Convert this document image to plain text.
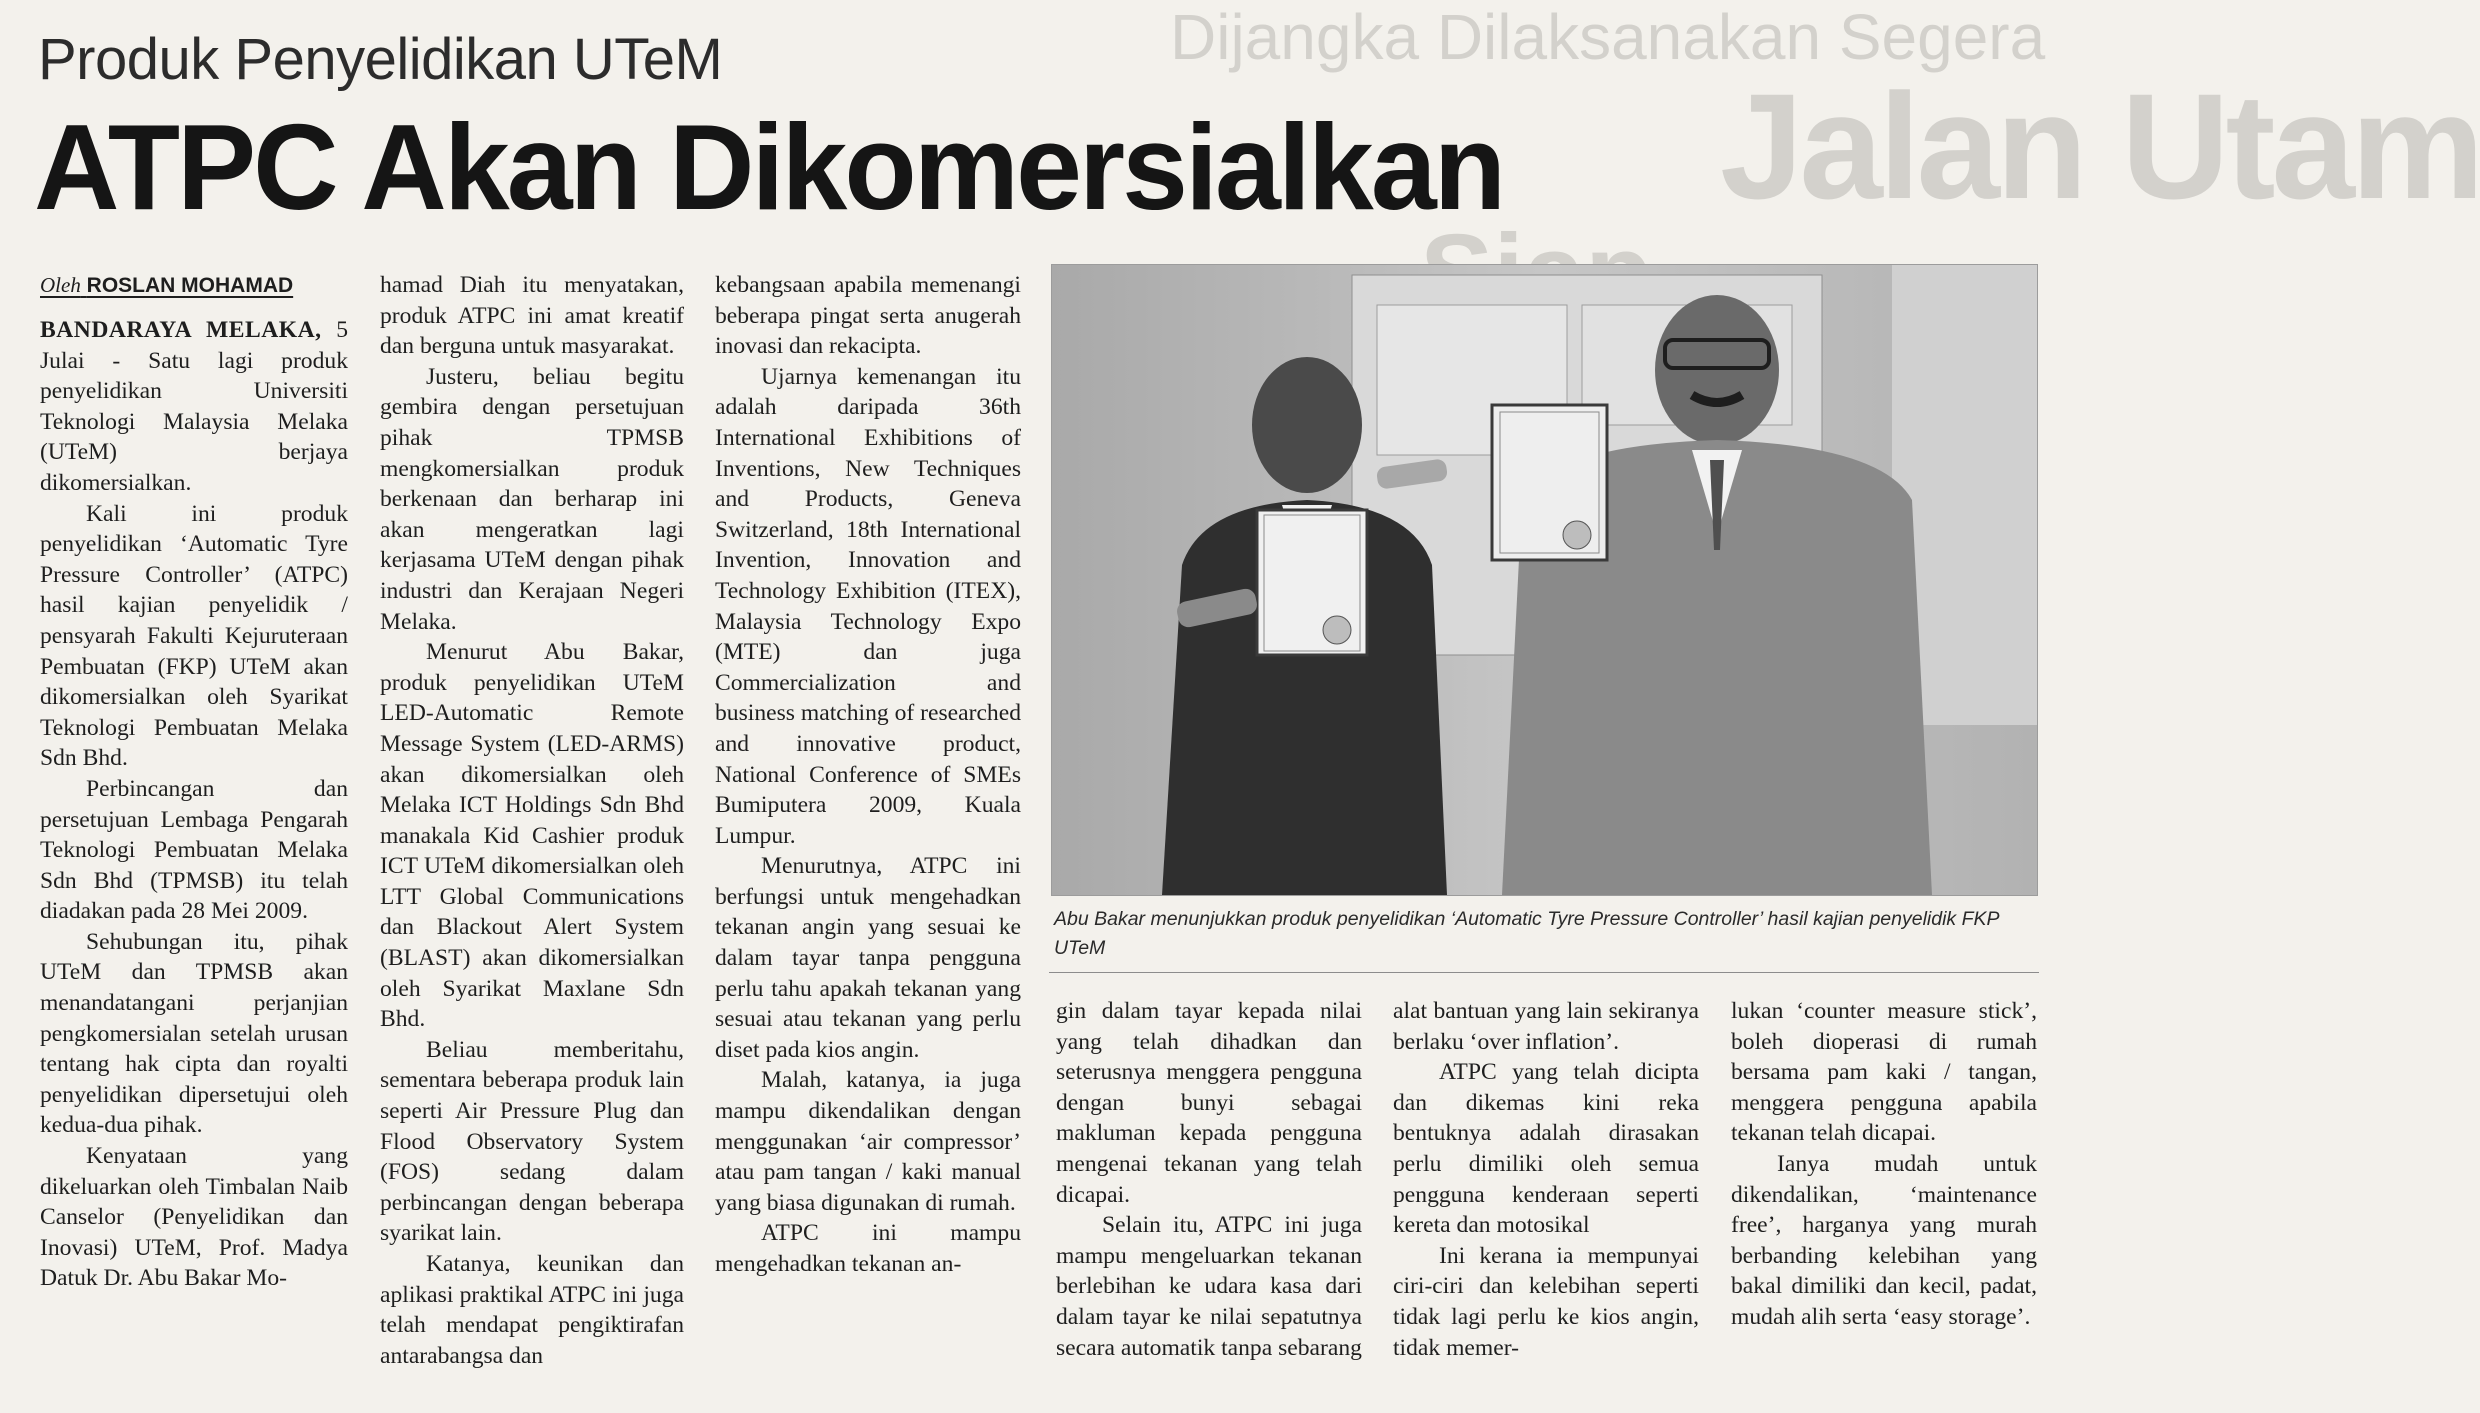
Dijangka Dilaksanakan Segera
Jalan Utam
Produk Penyelidikan UTeM
ATPC Akan Dikomersialkan
Oleh ROSLAN MOHAMAD

BANDARAYA MELAKA, 5 Julai - Satu lagi produk penyelidikan Universiti Teknologi Malaysia Melaka (UTeM) berjaya dikomersialkan.

Kali ini produk penyelidikan ‘Automatic Tyre Pressure Controller’ (ATPC) hasil kajian penyelidik / pensyarah Fakulti Kejuruteraan Pembuatan (FKP) UTeM akan dikomersialkan oleh Syarikat Teknologi Pembuatan Melaka Sdn Bhd.

Perbincangan dan persetujuan Lembaga Pengarah Teknologi Pembuatan Melaka Sdn Bhd (TPMSB) itu telah diadakan pada 28 Mei 2009.

Sehubungan itu, pihak UTeM dan TPMSB akan menandatangani perjanjian pengkomersialan setelah urusan tentang hak cipta dan royalti penyelidikan dipersetujui oleh kedua-dua pihak.

Kenyataan yang dikeluarkan oleh Timbalan Naib Canselor (Penyelidikan dan Inovasi) UTeM, Prof. Madya Datuk Dr. Abu Bakar Mo-

hamad Diah itu menyatakan, produk ATPC ini amat kreatif dan berguna untuk masyarakat.

Justeru, beliau begitu gembira dengan persetujuan pihak TPMSB mengkomersialkan produk berkenaan dan berharap ini akan mengeratkan lagi kerjasama UTeM dengan pihak industri dan Kerajaan Negeri Melaka.

Menurut Abu Bakar, produk penyelidikan UTeM LED-Automatic Remote Message System (LED-ARMS) akan dikomersialkan oleh Melaka ICT Holdings Sdn Bhd manakala Kid Cashier produk ICT UTeM dikomersialkan oleh LTT Global Communications dan Blackout Alert System (BLAST) akan dikomersialkan oleh Syarikat Maxlane Sdn Bhd.

Beliau memberitahu, sementara beberapa produk lain seperti Air Pressure Plug dan Flood Observatory System (FOS) sedang dalam perbincangan dengan beberapa syarikat lain.

Katanya, keunikan dan aplikasi praktikal ATPC ini juga telah mendapat pengiktirafan antarabangsa dan

kebangsaan apabila memenangi beberapa pingat serta anugerah inovasi dan rekacipta.

Ujarnya kemenangan itu adalah daripada 36th International Exhibitions of Inventions, New Techniques and Products, Geneva Switzerland, 18th International Invention, Innovation and Technology Exhibition (ITEX), Malaysia Technology Expo (MTE) dan juga Commercialization and business matching of researched and innovative product, National Conference of SMEs Bumiputera 2009, Kuala Lumpur.

Menurutnya, ATPC ini berfungsi untuk mengehadkan tekanan angin yang sesuai ke dalam tayar tanpa pengguna perlu tahu apakah tekanan yang sesuai atau tekanan yang perlu diset pada kios angin.

Malah, katanya, ia juga mampu dikendalikan dengan menggunakan ‘air compressor’ atau pam tangan / kaki manual yang biasa digunakan di rumah.

ATPC ini mampu mengehadkan tekanan an-

Abu Bakar menunjukkan produk penyelidikan ‘Automatic Tyre Pressure Controller’ hasil kajian penyelidik FKP UTeM

gin dalam tayar kepada nilai yang telah dihadkan dan seterusnya menggera pengguna dengan bunyi sebagai makluman kepada pengguna mengenai tekanan yang telah dicapai.

Selain itu, ATPC ini juga mampu mengeluarkan tekanan berlebihan ke udara kasa dari dalam tayar ke nilai sepatutnya secara automatik tanpa sebarang

alat bantuan yang lain sekiranya berlaku ‘over inflation’.

ATPC yang telah dicipta dan dikemas kini reka bentuknya adalah dirasakan perlu dimiliki oleh semua pengguna kenderaan seperti kereta dan motosikal

Ini kerana ia mempunyai ciri-ciri dan kelebihan seperti tidak lagi perlu ke kios angin, tidak memer-

lukan ‘counter measure stick’, boleh dioperasi di rumah bersama pam kaki / tangan, menggera pengguna apabila tekanan telah dicapai.

Ianya mudah untuk dikendalikan, ‘maintenance free’, harganya yang murah berbanding kelebihan yang bakal dimiliki dan kecil, padat, mudah alih serta ‘easy storage’.
